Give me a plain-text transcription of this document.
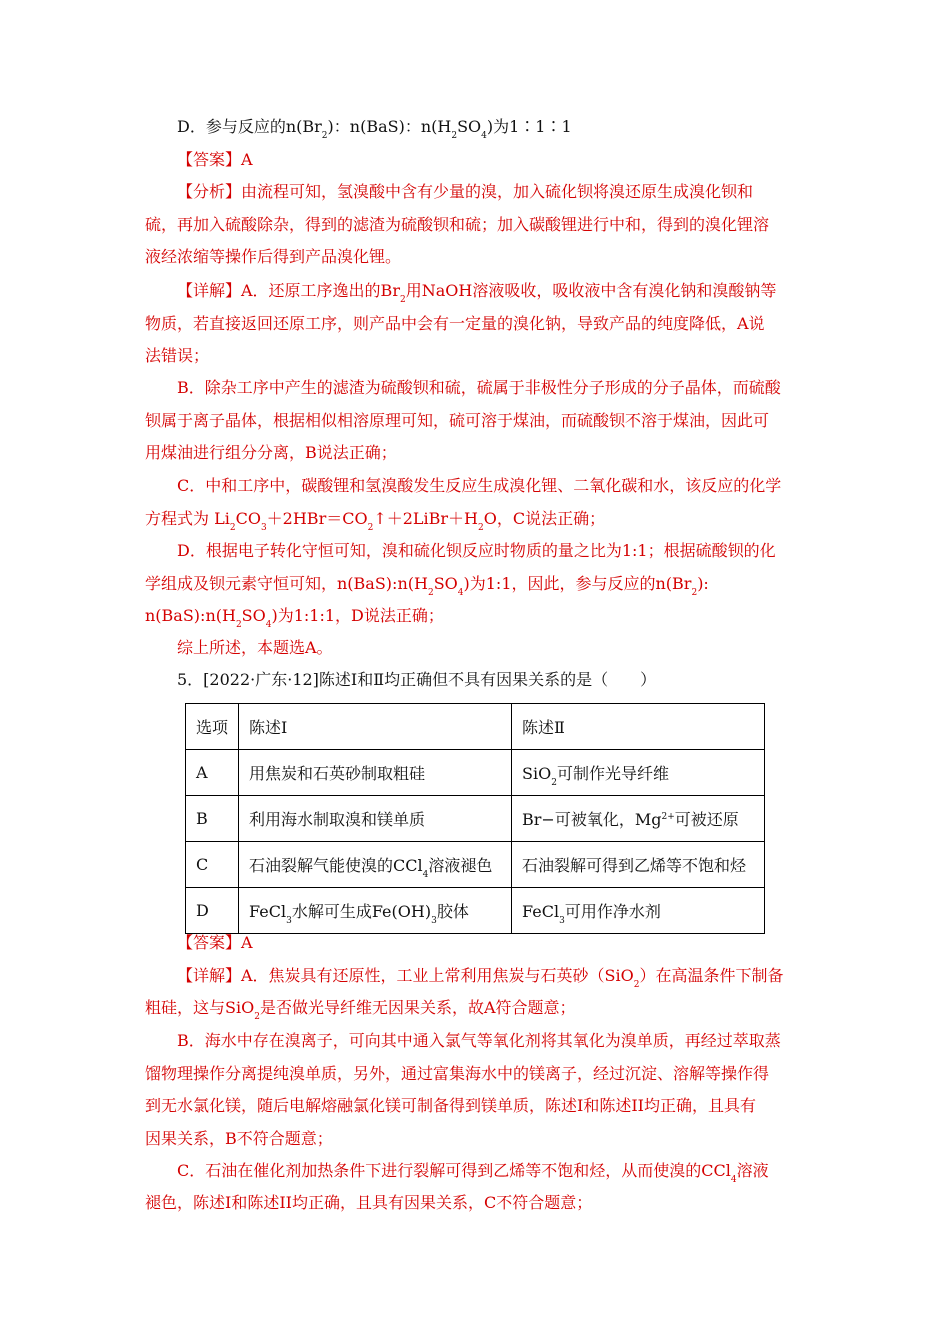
D．参与反应的$n(Br_2)$：n(BaS)：$n(H_2SO_4)$为1∶1∶1
【答案】A
【分析】由流程可知，氢溴酸中含有少量的溴，加入硫化钡将溴还原生成溴化钡和
硫，再加入硫酸除杂，得到的滤渣为硫酸钡和硫；加入碳酸锂进行中和，得到的溴化锂溶
液经浓缩等操作后得到产品溴化锂。
【详解】A．还原工序逸出的$Br_2$用NaOH溶液吸收，吸收液中含有溴化钠和溴酸钠等
物质，若直接返回还原工序，则产品中会有一定量的溴化钠，导致产品的纯度降低，A说
法错误；
B．除杂工序中产生的滤渣为硫酸钡和硫，硫属于非极性分子形成的分子晶体，而硫酸
钡属于离子晶体，根据相似相溶原理可知，硫可溶于煤油，而硫酸钡不溶于煤油，因此可
用煤油进行组分分离，B说法正确；
C．中和工序中，碳酸锂和氢溴酸发生反应生成溴化锂、二氧化碳和水，该反应的化学
方程式为 $Li_2CO_3+2HBr=CO_2↑+2LiBr+H_2O$，C说法正确；
D．根据电子转化守恒可知，溴和硫化钡反应时物质的量之比为1:1；根据硫酸钡的化
学组成及钡元素守恒可知，$n(BaS):n(H_2SO_4)$为1:1，因此，参与反应的$n(Br_2)$:
$n(BaS):n(H_2SO_4)$为1:1:1，D说法正确；
综上所述，本题选A。
5．[2022·广东·12]陈述Ⅰ和Ⅱ均正确但不具有因果关系的是（　　）
选项	陈述Ⅰ	陈述Ⅱ
A	用焦炭和石英砂制取粗硅	SiO$_2$可制作光导纤维
B	利用海水制取溴和镁单质	Br−可被氧化，$Mg^{2+}$可被还原
C	石油裂解气能使溴的CCl$_4$溶液褪色	石油裂解可得到乙烯等不饱和烃
D	FeCl$_3$水解可生成$Fe(OH)_3$胶体	FeCl$_3$可用作净水剂
【答案】A
【详解】A．焦炭具有还原性，工业上常利用焦炭与石英砂（SiO$_2$）在高温条件下制备
粗硅，这与SiO$_2$是否做光导纤维无因果关系，故A符合题意；
B．海水中存在溴离子，可向其中通入氯气等氧化剂将其氧化为溴单质，再经过萃取蒸
馏物理操作分离提纯溴单质，另外，通过富集海水中的镁离子，经过沉淀、溶解等操作得
到无水氯化镁，随后电解熔融氯化镁可制备得到镁单质，陈述I和陈述II均正确，且具有
因果关系，B不符合题意；
C．石油在催化剂加热条件下进行裂解可得到乙烯等不饱和烃，从而使溴的CCl$_4$溶液
褪色，陈述I和陈述II均正确，且具有因果关系，C不符合题意；
